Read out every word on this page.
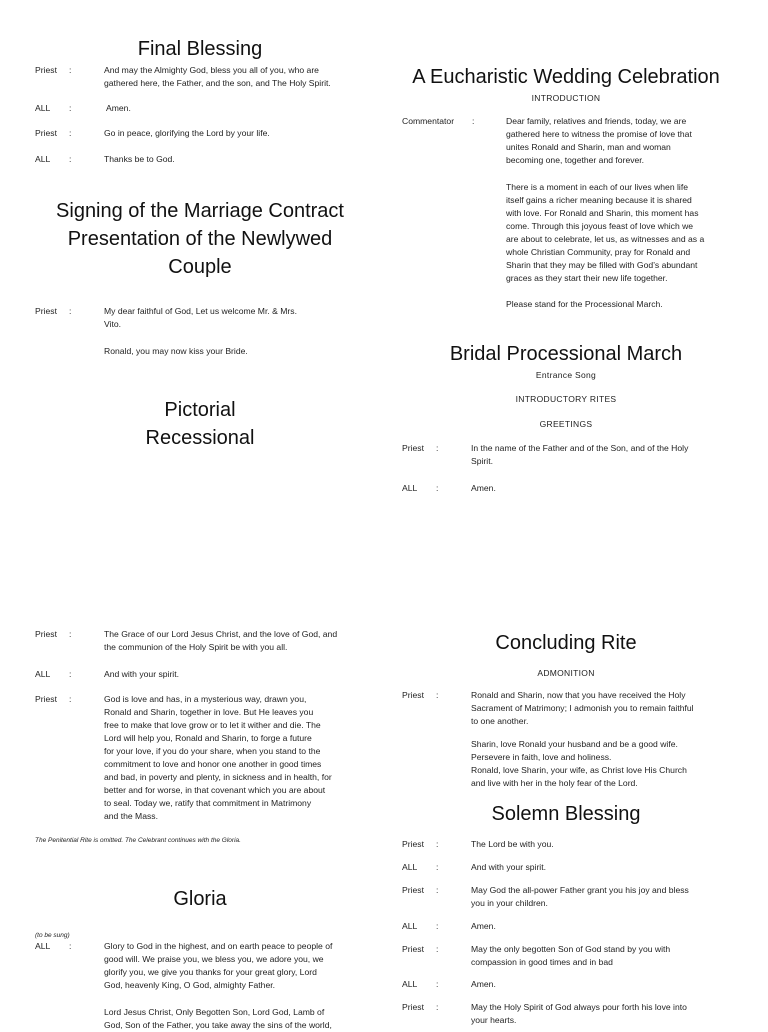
Final Blessing
Priest :	And may the Almighty God, bless you all of you, who are
gathered here, the Father, and the son, and The Holy Spirit.
ALL :	Amen.
Priest :	Go in peace, glorifying the Lord by your life.
ALL :	Thanks be to God.
Signing of the Marriage Contract
Presentation of the Newlywed
Couple
Priest :	My dear faithful of God, Let us welcome Mr. & Mrs.
Vito.
Ronald, you may now kiss your Bride.
Pictorial
Recessional
A Eucharistic Wedding Celebration
INTRODUCTION
Commentator :	Dear family, relatives and friends, today, we are
gathered here to witness the promise of love that
unites Ronald and Sharin, man and woman
becoming one, together and forever.
There is a moment in each of our lives when life
itself gains a richer meaning because it is shared
with love. For Ronald and Sharin, this moment has
come. Through this joyous feast of love which we
are about to celebrate, let us, as witnesses and as a
whole Christian Community, pray for Ronald and
Sharin that they may be filled with God’s abundant
graces as they start their new life together.
Please stand for the Processional March.
Bridal Processional March
Entrance Song
INTRODUCTORY RITES
GREETINGS
Priest :	In the name of the Father and of the Son, and of the Holy
Spirit.
ALL :	Amen.
Priest :	The Grace of our Lord Jesus Christ, and the love of God, and
the communion of the Holy Spirit be with you all.
ALL :	And with your spirit.
Priest :	God is love and has, in a mysterious way, drawn you,
Ronald and Sharin, together in love. But He leaves you
free to make that love grow or to let it wither and die. The
Lord will help you, Ronald and Sharin, to forge a future
for your love, if you do your share, when you stand to the
commitment to love and honor one another in good times
and bad, in poverty and plenty, in sickness and in health, for
better and for worse, in that covenant which you are about
to seal. Today we, ratify that commitment in Matrimony
and the Mass.
The Penitential Rite is omitted. The Celebrant continues with the Gloria.
Gloria
(to be sung)
ALL :	Glory to God in the highest, and on earth peace to people of
good will. We praise you, we bless you, we adore you, we
glorify you, we give you thanks for your great glory, Lord
God, heavenly King, O God, almighty Father.
Lord Jesus Christ, Only Begotten Son, Lord God, Lamb of
God, Son of the Father, you take away the sins of the world,
Concluding Rite
ADMONITION
Priest :	Ronald and Sharin, now that you have received the Holy
Sacrament of Matrimony; I admonish you to remain faithful
to one another.
Sharin, love Ronald your husband and be a good wife.
Persevere in faith, love and holiness.
Ronald, love Sharin, your wife, as Christ love His Church
and live with her in the holy fear of the Lord.
Solemn Blessing
Priest :	The Lord be with you.
ALL :	And with your spirit.
Priest :	May God the all-power Father grant you his joy and bless
you in your children.
ALL :	Amen.
Priest :	May the only begotten Son of God stand by you with
compassion in good times and in bad
ALL :	Amen.
Priest :	May the Holy Spirit of God always pour forth his love into
your hearts.
